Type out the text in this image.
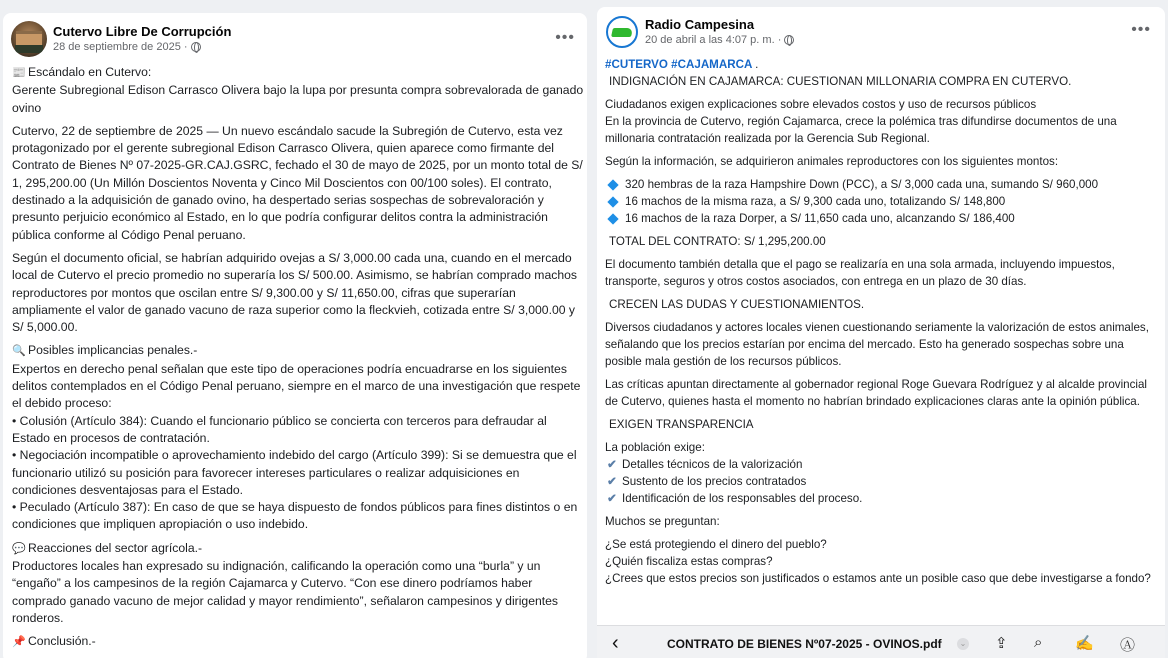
Cutervo Libre De Corrupción
28 de septiembre de 2025 ·
•••
📰 Escándalo en Cutervo:
Gerente Subregional Edison Carrasco Olivera bajo la lupa por presunta compra sobrevalorada de ganado ovino
Cutervo, 22 de septiembre de 2025 — Un nuevo escándalo sacude la Subregión de Cutervo, esta vez protagonizado por el gerente subregional Edison Carrasco Olivera, quien aparece como firmante del Contrato de Bienes Nº 07-2025-GR.CAJ.GSRC, fechado el 30 de mayo de 2025, por un monto total de S/ 1, 295,200.00 (Un Millón Doscientos Noventa y Cinco Mil Doscientos con 00/100 soles). El contrato, destinado a la adquisición de ganado ovino, ha despertado serias sospechas de sobrevaloración y presunto perjuicio económico al Estado, en lo que podría configurar delitos contra la administración pública conforme al Código Penal peruano.
Según el documento oficial, se habrían adquirido ovejas a S/ 3,000.00 cada una, cuando en el mercado local de Cutervo el precio promedio no superaría los S/ 500.00. Asimismo, se habrían comprado machos reproductores por montos que oscilan entre S/ 9,300.00 y S/ 11,650.00, cifras que superarían ampliamente el valor de ganado vacuno de raza superior como la fleckvieh, cotizada entre S/ 3,000.00 y S/ 5,000.00.
🔍 Posibles implicancias penales.-
Expertos en derecho penal señalan que este tipo de operaciones podría encuadrarse en los siguientes delitos contemplados en el Código Penal peruano, siempre en el marco de una investigación que respete el debido proceso:
• Colusión (Artículo 384): Cuando el funcionario público se concierta con terceros para defraudar al Estado en procesos de contratación.
• Negociación incompatible o aprovechamiento indebido del cargo (Artículo 399): Si se demuestra que el funcionario utilizó su posición para favorecer intereses particulares o realizar adquisiciones en condiciones desventajosas para el Estado.
• Peculado (Artículo 387): En caso de que se haya dispuesto de fondos públicos para fines distintos o en condiciones que impliquen apropiación o uso indebido.
💬 Reacciones del sector agrícola.-
Productores locales han expresado su indignación, calificando la operación como una “burla” y un “engaño” a los campesinos de la región Cajamarca y Cutervo. “Con ese dinero podríamos haber comprado ganado vacuno de mejor calidad y mayor rendimiento”, señalaron campesinos y dirigentes ronderos.
📌 Conclusión.-
Radio Campesina
20 de abril a las 4:07 p. m. ·
•••
#CUTERVO #CAJAMARCA .
INDIGNACIÓN EN CAJAMARCA: CUESTIONAN MILLONARIA COMPRA EN CUTERVO.
Ciudadanos exigen explicaciones sobre elevados costos y uso de recursos públicos
En la provincia de Cutervo, región Cajamarca, crece la polémica tras difundirse documentos de una millonaria contratación realizada por la Gerencia Sub Regional.
Según la información, se adquirieron animales reproductores con los siguientes montos:
320 hembras de la raza Hampshire Down (PCC), a S/ 3,000 cada una, sumando S/ 960,000
16 machos de la misma raza, a S/ 9,300 cada uno, totalizando S/ 148,800
16 machos de la raza Dorper, a S/ 11,650 cada uno, alcanzando S/ 186,400
TOTAL DEL CONTRATO: S/ 1,295,200.00
El documento también detalla que el pago se realizaría en una sola armada, incluyendo impuestos, transporte, seguros y otros costos asociados, con entrega en un plazo de 30 días.
CRECEN LAS DUDAS Y CUESTIONAMIENTOS.
Diversos ciudadanos y actores locales vienen cuestionando seriamente la valorización de estos animales, señalando que los precios estarían por encima del mercado. Esto ha generado sospechas sobre una posible mala gestión de los recursos públicos.
Las críticas apuntan directamente al gobernador regional Roge Guevara Rodríguez y al alcalde provincial de Cutervo, quienes hasta el momento no habrían brindado explicaciones claras ante la opinión pública.
EXIGEN TRANSPARENCIA
La población exige:
✔ Detalles técnicos de la valorización
✔ Sustento de los precios contratados
✔ Identificación de los responsables del proceso.
Muchos se preguntan:
¿Se está protegiendo el dinero del pueblo?
¿Quién fiscaliza estas compras?
¿Crees que estos precios son justificados o estamos ante un posible caso que debe investigarse a fondo?
‹	CONTRATO DE BIENES Nº07-2025 - OVINOS.pdf	⌄ ⇪ ⌕ ✍ Ⓐ
